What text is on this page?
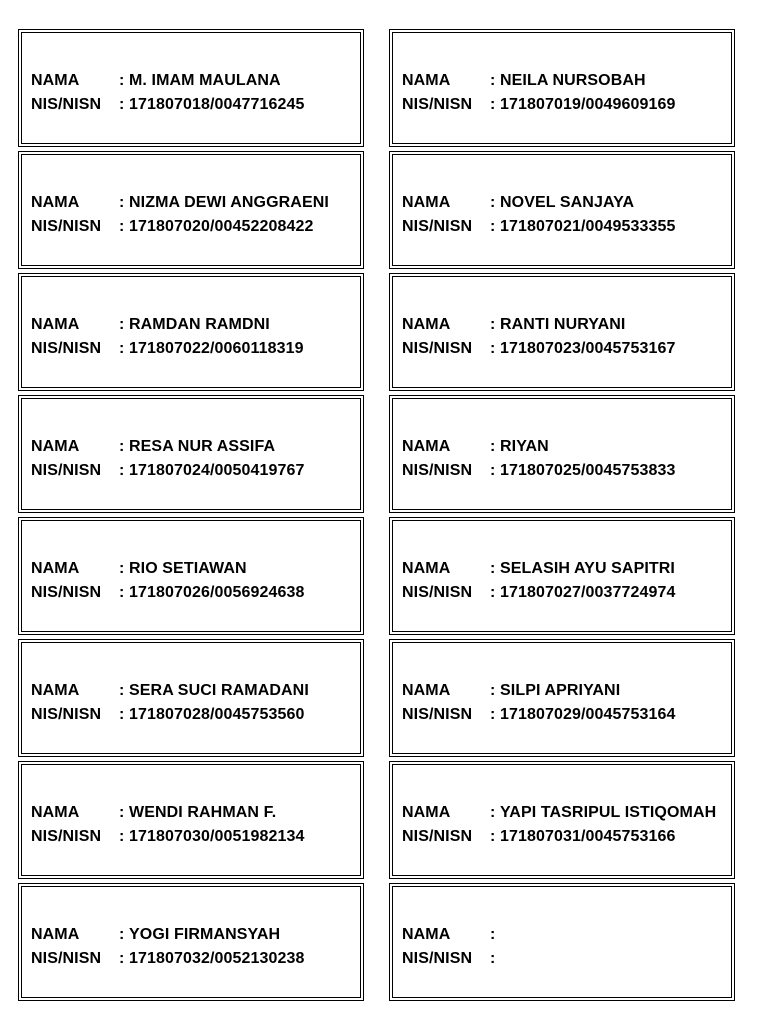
NAMA : M. IMAM MAULANA
NIS/NISN : 171807018/0047716245
NAMA : NEILA NURSOBAH
NIS/NISN : 171807019/0049609169
NAMA : NIZMA DEWI ANGGRAENI
NIS/NISN : 171807020/00452208422
NAMA : NOVEL SANJAYA
NIS/NISN : 171807021/0049533355
NAMA : RAMDAN RAMDNI
NIS/NISN : 171807022/0060118319
NAMA : RANTI NURYANI
NIS/NISN : 171807023/0045753167
NAMA : RESA NUR ASSIFA
NIS/NISN : 171807024/0050419767
NAMA : RIYAN
NIS/NISN : 171807025/0045753833
NAMA : RIO SETIAWAN
NIS/NISN : 171807026/0056924638
NAMA : SELASIH AYU SAPITRI
NIS/NISN : 171807027/0037724974
NAMA : SERA SUCI RAMADANI
NIS/NISN : 171807028/0045753560
NAMA : SILPI APRIYANI
NIS/NISN : 171807029/0045753164
NAMA : WENDI RAHMAN F.
NIS/NISN : 171807030/0051982134
NAMA : YAPI TASRIPUL ISTIQOMAH
NIS/NISN : 171807031/0045753166
NAMA : YOGI FIRMANSYAH
NIS/NISN : 171807032/0052130238
NAMA :
NIS/NISN :
